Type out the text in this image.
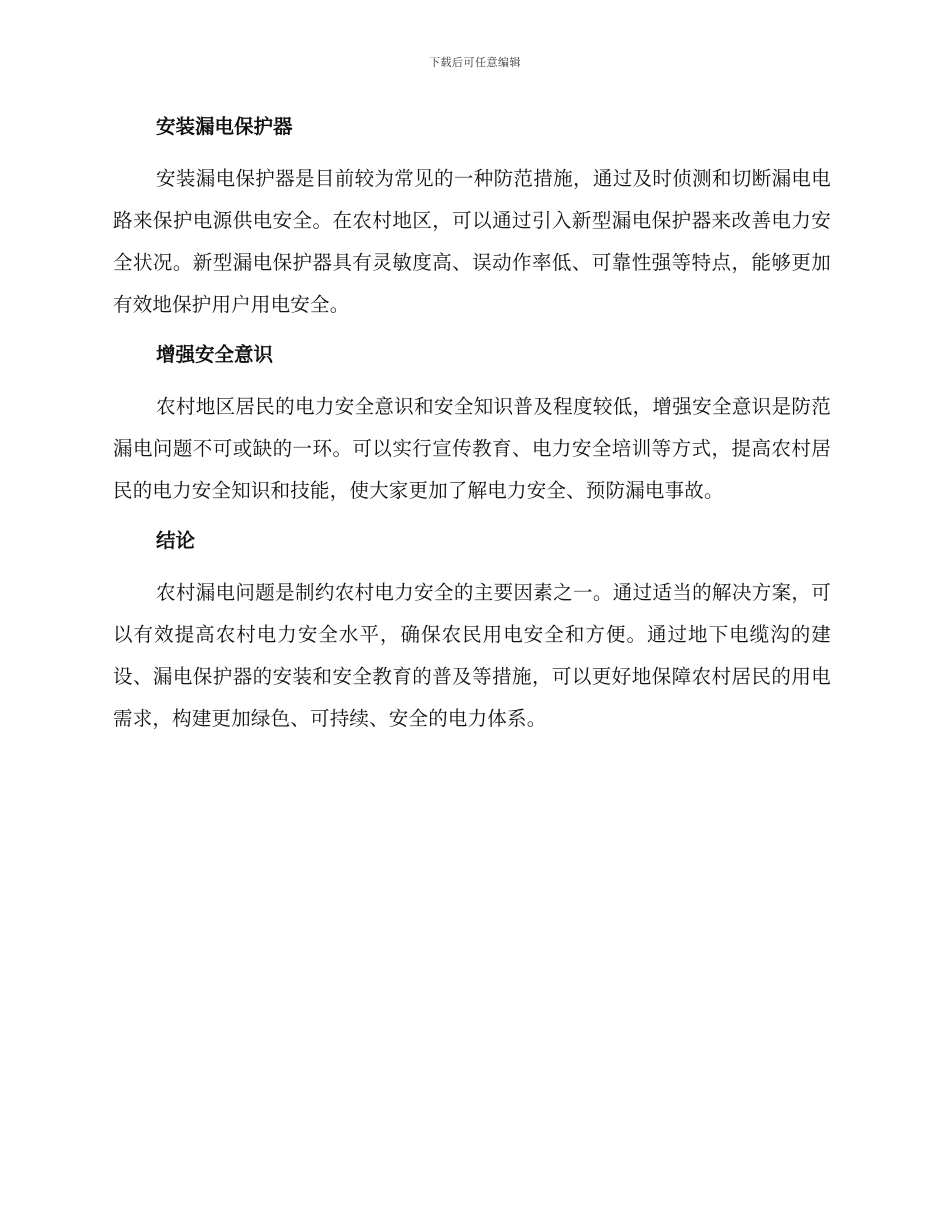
下载后可任意编辑

安装漏电保护器

安装漏电保护器是目前较为常见的一种防范措施，通过及时侦测和切断漏电电路来保护电源供电安全。在农村地区，可以通过引入新型漏电保护器来改善电力安全状况。新型漏电保护器具有灵敏度高、误动作率低、可靠性强等特点，能够更加有效地保护用户用电安全。

增强安全意识

农村地区居民的电力安全意识和安全知识普及程度较低，增强安全意识是防范漏电问题不可或缺的一环。可以实行宣传教育、电力安全培训等方式，提高农村居民的电力安全知识和技能，使大家更加了解电力安全、预防漏电事故。

结论

农村漏电问题是制约农村电力安全的主要因素之一。通过适当的解决方案，可以有效提高农村电力安全水平，确保农民用电安全和方便。通过地下电缆沟的建设、漏电保护器的安装和安全教育的普及等措施，可以更好地保障农村居民的用电需求，构建更加绿色、可持续、安全的电力体系。
